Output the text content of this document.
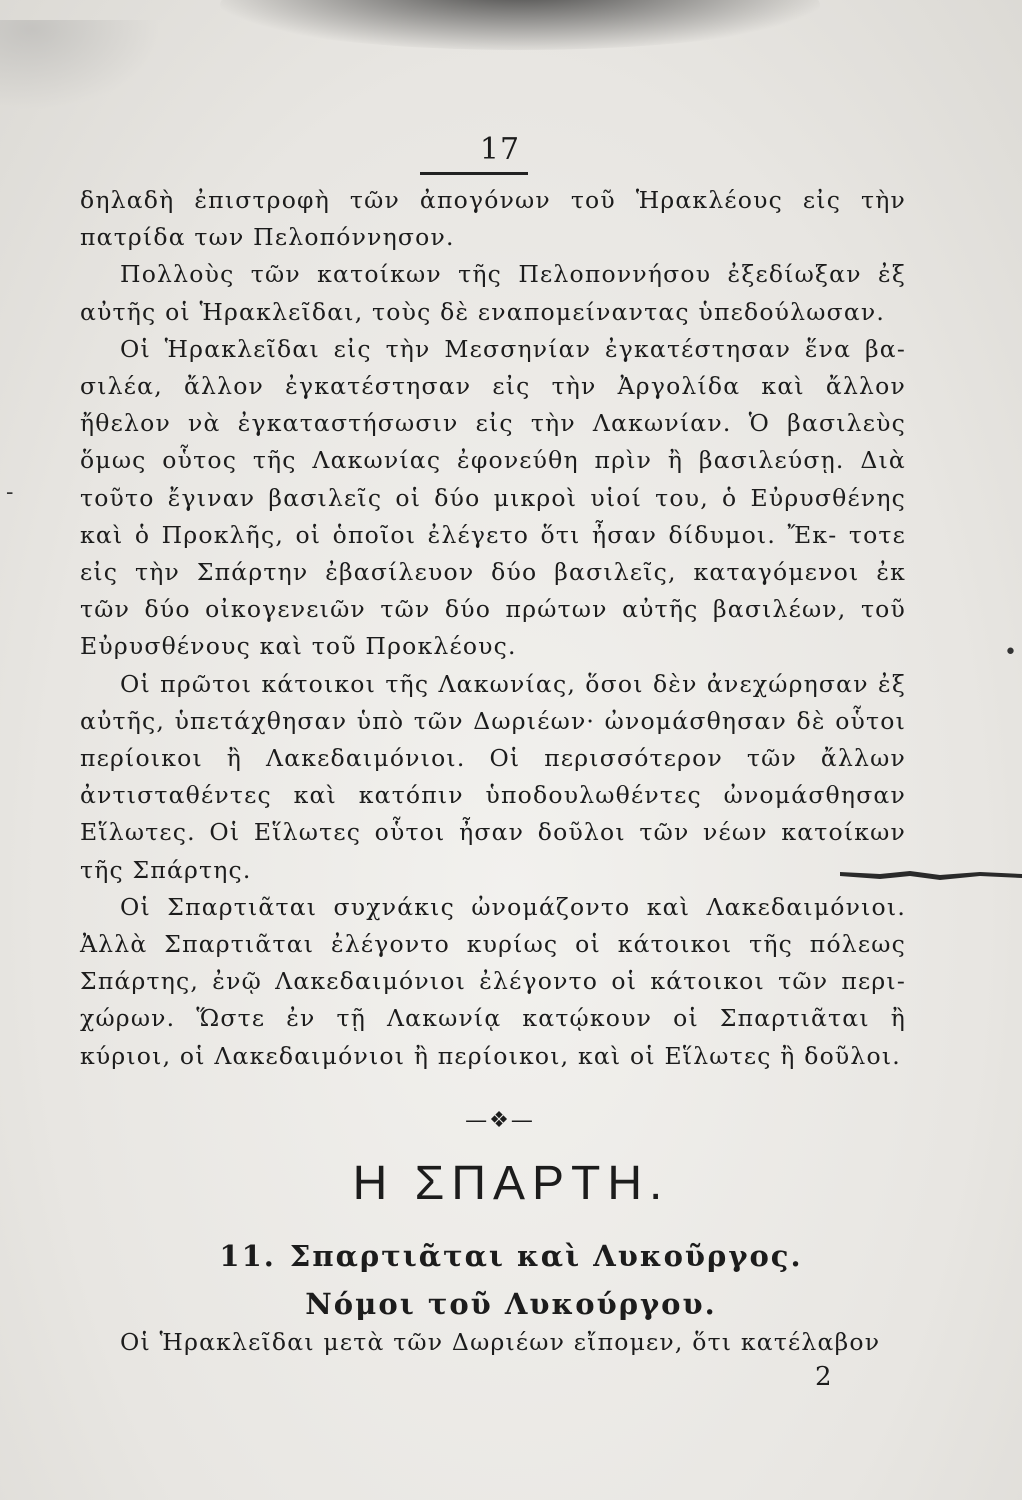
17

δηλαδὴ ἐπιστροφὴ τῶν ἀπογόνων τοῦ Ἡρακλέους εἰς τὴν πατρίδα των Πελοπόννησον.

Πολλοὺς τῶν κατοίκων τῆς Πελοποννήσου ἐξεδίωξαν ἐξ αὐτῆς οἱ Ἡρακλεῖδαι, τοὺς δὲ εναπομείναντας ὑπεδούλωσαν.

Οἱ Ἡρακλεῖδαι εἰς τὴν Μεσσηνίαν ἐγκατέστησαν ἕνα βα- σιλέα, ἄλλον ἐγκατέστησαν εἰς τὴν Ἀργολίδα καὶ ἄλλον ἤθελον νὰ ἐγκαταστήσωσιν εἰς τὴν Λακωνίαν. Ὁ βασιλεὺς ὅμως οὗτος τῆς Λακωνίας ἐφονεύθη πρὶν ἢ βασιλεύσῃ. Διὰ τοῦτο ἔγιναν βασιλεῖς οἱ δύο μικροὶ υἱοί του, ὁ Εὐρυσθένης καὶ ὁ Προκλῆς, οἱ ὁποῖοι ἐλέγετο ὅτι ἦσαν δίδυμοι. Ἔκ- τοτε εἰς τὴν Σπάρτην ἐβασίλευον δύο βασιλεῖς, καταγόμενοι ἐκ τῶν δύο οἰκογενειῶν τῶν δύο πρώτων αὐτῆς βασιλέων, τοῦ Εὐρυσθένους καὶ τοῦ Προκλέους.

Οἱ πρῶτοι κάτοικοι τῆς Λακωνίας, ὅσοι δὲν ἀνεχώρησαν ἐξ αὐτῆς, ὑπετάχθησαν ὑπὸ τῶν Δωριέων· ὠνομάσθησαν δὲ οὗτοι περίοικοι ἢ Λακεδαιμόνιοι. Οἱ περισσότερον τῶν ἄλλων ἀντισταθέντες καὶ κατόπιν ὑποδουλωθέντες ὠνομάσθησαν Εἵλωτες. Οἱ Εἵλωτες οὗτοι ἦσαν δοῦλοι τῶν νέων κατοίκων τῆς Σπάρτης.

Οἱ Σπαρτιᾶται συχνάκις ὠνομάζοντο καὶ Λακεδαιμόνιοι. Ἀλλὰ Σπαρτιᾶται ἐλέγοντο κυρίως οἱ κάτοικοι τῆς πόλεως Σπάρτης, ἐνῷ Λακεδαιμόνιοι ἐλέγοντο οἱ κάτοικοι τῶν περι- χώρων. Ὥστε ἐν τῇ Λακωνίᾳ κατῴκουν οἱ Σπαρτιᾶται ἢ κύριοι, οἱ Λακεδαιμόνιοι ἢ περίοικοι, καὶ οἱ Εἵλωτες ἢ δοῦλοι.

—❖—
Η ΣΠΑΡΤΗ.
11. Σπαρτιᾶται καὶ Λυκοῦργος.
Νόμοι τοῦ Λυκούργου.
Οἱ Ἡρακλεῖδαι μετὰ τῶν Δωριέων εἴπομεν, ὅτι κατέλαβον
2
-
•
